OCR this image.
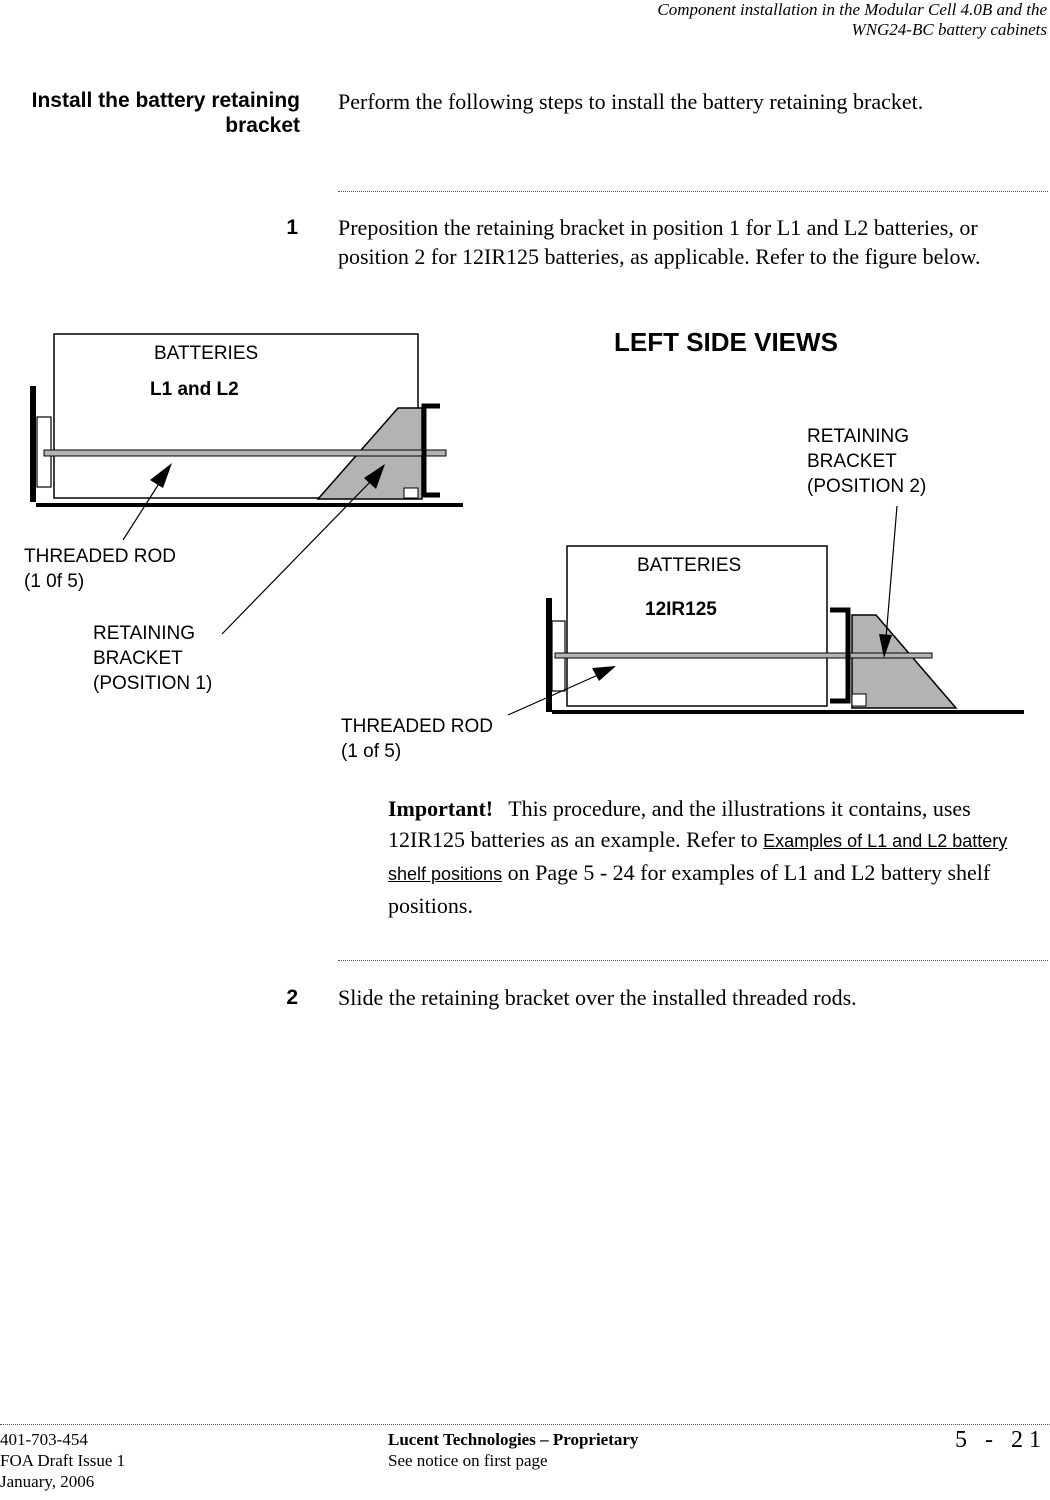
Component installation in the Modular Cell 4.0B and the
WNG24-BC battery cabinets
Install the battery retaining
bracket
Perform the following steps to install the battery retaining bracket.
1 Preposition the retaining bracket in position 1 for L1 and L2 batteries, or position 2 for 12IR125 batteries, as applicable. Refer to the figure below.
LEFT SIDE VIEWS
BATTERIES
L1 and L2
THREADED ROD
(1 0f 5)
RETAINING
BRACKET
(POSITION 1)
BATTERIES
12IR125
THREADED ROD
(1 of 5)
RETAINING
BRACKET
(POSITION 2)
Important! This procedure, and the illustrations it contains, uses 12IR125 batteries as an example. Refer to Examples of L1 and L2 battery shelf positions on Page 5 - 24 for examples of L1 and L2 battery shelf positions.
2 Slide the retaining bracket over the installed threaded rods.
401-703-454
FOA Draft Issue 1
January, 2006
Lucent Technologies – Proprietary
See notice on first page
5 - 21
